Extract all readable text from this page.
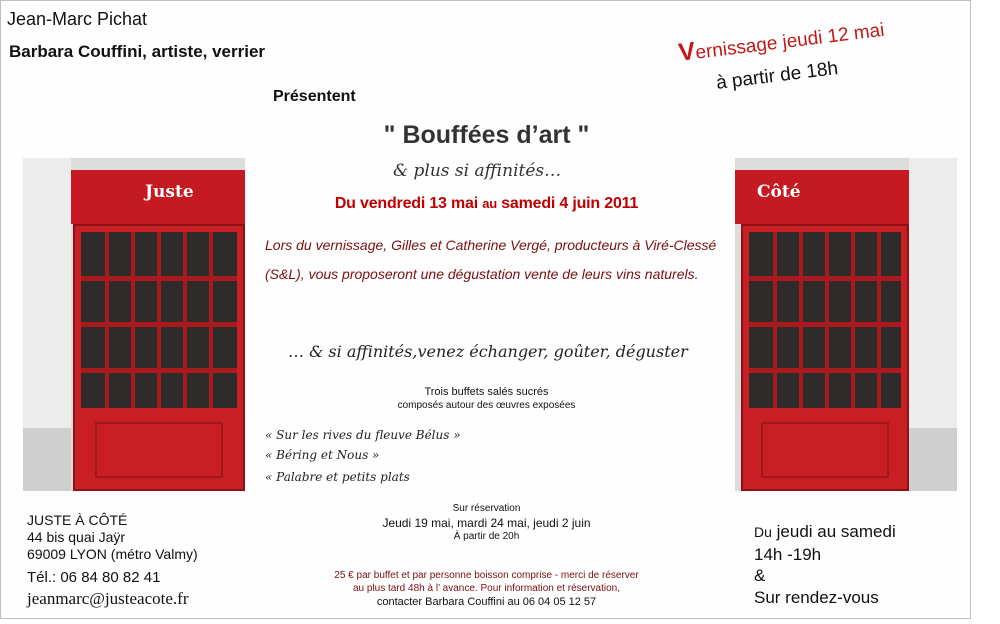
Jean-Marc Pichat
Barbara Couffini, artiste, verrier
Présentent
Vernissage jeudi 12 mai
à partir de 18h
" Bouffées d’art "
& plus si affinités…
Du vendredi 13 mai au samedi 4 juin 2011
Lors du vernissage, Gilles et Catherine Vergé, producteurs à Viré-Clessé
(S&L), vous proposeront une dégustation vente de leurs vins naturels.
… & si affinités,venez échanger, goûter, déguster
Trois buffets salés sucrés
composés autour des œuvres exposées
« Sur les rives du fleuve Bélus »
« Béring et Nous »
« Palabre et petits plats
Sur réservation
Jeudi 19 mai, mardi 24 mai, jeudi 2 juin
À partir de 20h
25 € par buffet et par personne boisson comprise - merci de réserver
au plus tard 48h à l’ avance. Pour information et réservation,
contacter Barbara Couffini au 06 04 05 12 57
JUSTE À CÔTÉ
44 bis quai Jaÿr
69009 LYON (métro Valmy)
Tél.: 06 84 80 82 41
jeanmarc@justeacote.fr
Du jeudi au samedi
14h -19h
&
Sur rendez-vous
Juste	Côté
